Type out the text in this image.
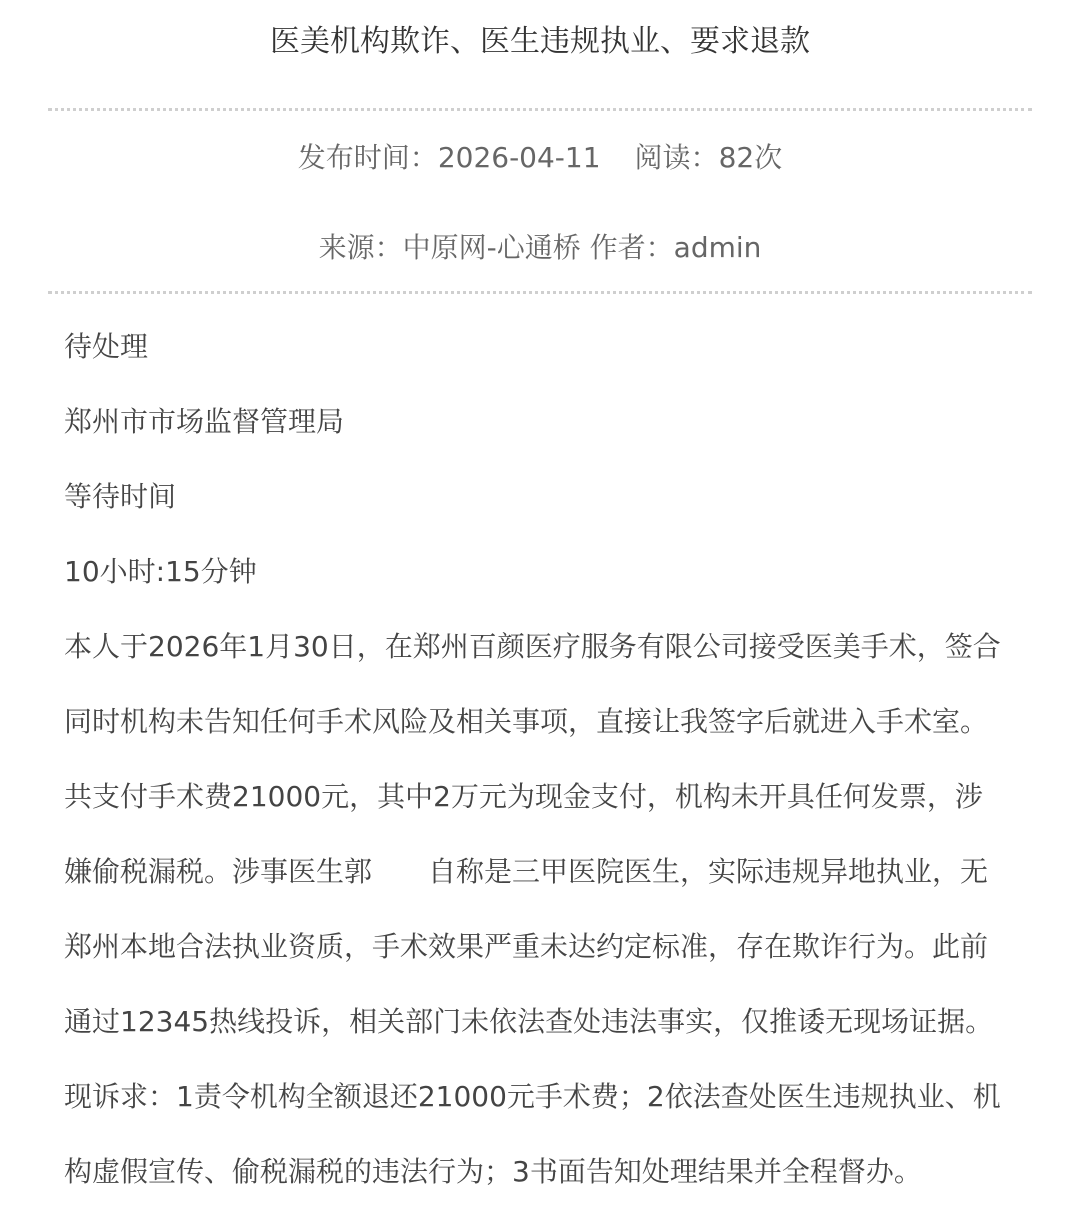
医美机构欺诈、医生违规执业、要求退款
发布时间：2026-04-11 阅读：82次
来源：中原网-心通桥 作者：admin
待处理
郑州市市场监督管理局
等待时间
10小时:15分钟
本人于2026年1月30日，在郑州百颜医疗服务有限公司接受医美手术，签合
同时机构未告知任何手术风险及相关事项，直接让我签字后就进入手术室。
共支付手术费21000元，其中2万元为现金支付，机构未开具任何发票，涉
嫌偷税漏税。涉事医生郭　　自称是三甲医院医生，实际违规异地执业，无
郑州本地合法执业资质，手术效果严重未达约定标准，存在欺诈行为。此前
通过12345热线投诉，相关部门未依法查处违法事实，仅推诿无现场证据。
现诉求：1责令机构全额退还21000元手术费；2依法查处医生违规执业、机
构虚假宣传、偷税漏税的违法行为；3书面告知处理结果并全程督办。
